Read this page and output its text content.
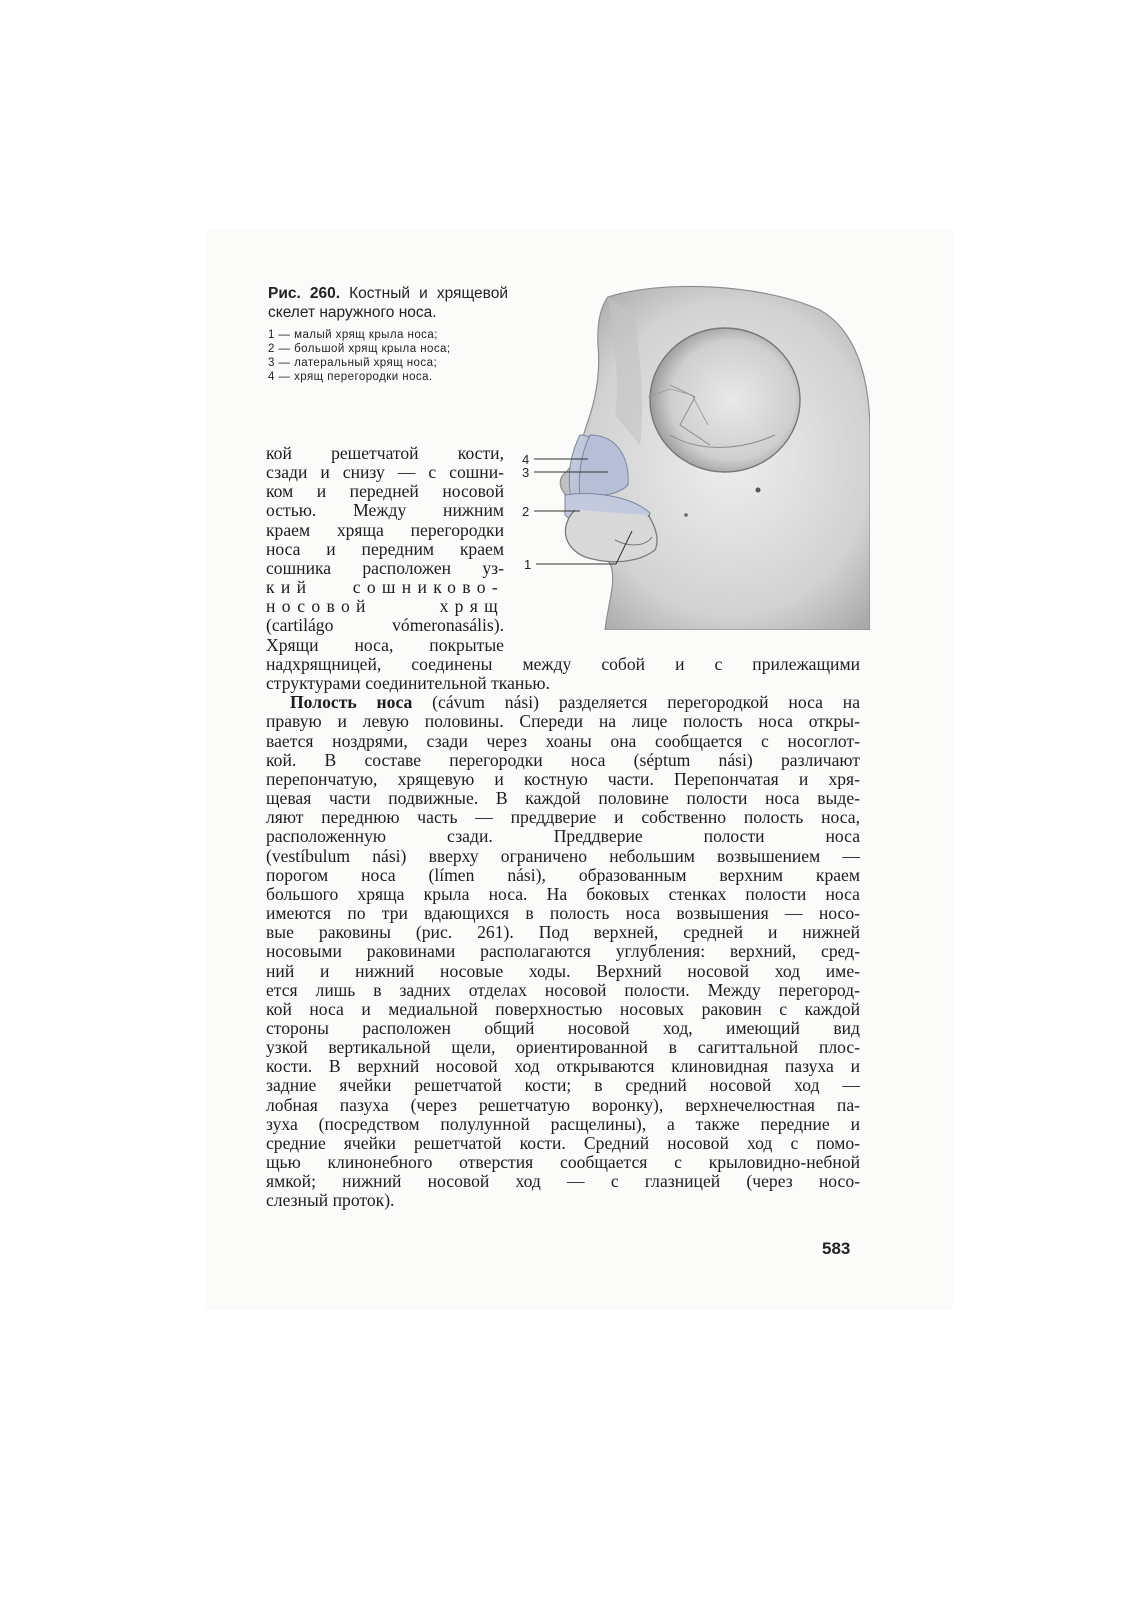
Рис. 260. Костный и хрящевой скелет наружного носа.
1 — малый хрящ крыла носа;
2 — большой хрящ крыла носа;
3 — латеральный хрящ носа;
4 — хрящ перегородки носа.
4
3
2
1
кой решетчатой кости,
сзади и снизу — с сошни-
ком и передней носовой
остью. Между нижним
краем хряща перегородки
носа и передним краем
сошника расположен уз-
кий сошниково-
носовой хрящ
(cartilágo vómeronasális).
Хрящи носа, покрытые
надхрящницей, соединены между собой и с прилежащими
структурами соединительной тканью.
Полость носа (cávum nási) разделяется перегородкой носа на
правую и левую половины. Спереди на лице полость носа откры-
вается ноздрями, сзади через хоаны она сообщается с носоглот-
кой. В составе перегородки носа (séptum nási) различают
перепончатую, хрящевую и костную части. Перепончатая и хря-
щевая части подвижные. В каждой половине полости носа выде-
ляют переднюю часть — преддверие и собственно полость носа,
расположенную сзади. Преддверие полости носа
(vestíbulum nási) вверху ограничено небольшим возвышением —
порогом носа (límen nási), образованным верхним краем
большого хряща крыла носа. На боковых стенках полости носа
имеются по три вдающихся в полость носа возвышения — носо-
вые раковины (рис. 261). Под верхней, средней и нижней
носовыми раковинами располагаются углубления: верхний, сред-
ний и нижний носовые ходы. Верхний носовой ход име-
ется лишь в задних отделах носовой полости. Между перегород-
кой носа и медиальной поверхностью носовых раковин с каждой
стороны расположен общий носовой ход, имеющий вид
узкой вертикальной щели, ориентированной в сагиттальной плос-
кости. В верхний носовой ход открываются клиновидная пазуха и
задние ячейки решетчатой кости; в средний носовой ход —
лобная пазуха (через решетчатую воронку), верхнечелюстная па-
зуха (посредством полулунной расщелины), а также передние и
средние ячейки решетчатой кости. Средний носовой ход с помо-
щью клинонебного отверстия сообщается с крыловидно-небной
ямкой; нижний носовой ход — с глазницей (через носо-
слезный проток).
583
